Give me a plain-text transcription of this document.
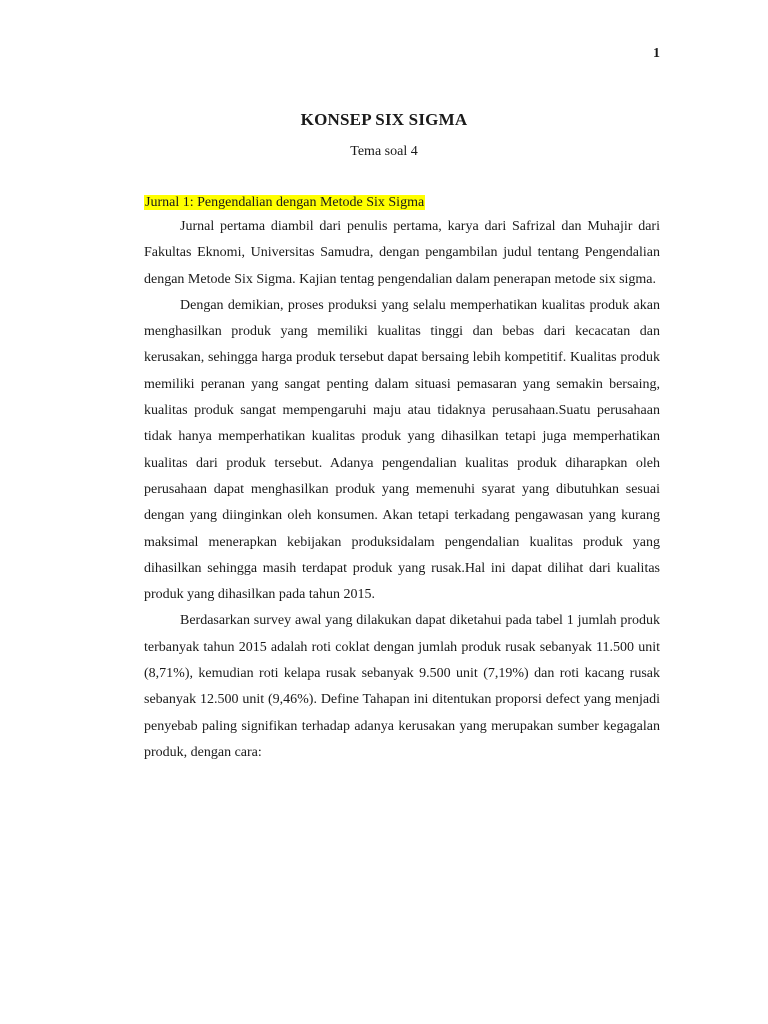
1
KONSEP SIX SIGMA
Tema soal 4

Jurnal 1: Pengendalian dengan Metode Six Sigma

Jurnal pertama diambil dari penulis pertama, karya dari Safrizal dan Muhajir dari Fakultas Eknomi, Universitas Samudra, dengan pengambilan judul tentang Pengendalian dengan Metode Six Sigma. Kajian tentag pengendalian dalam penerapan metode six sigma.

Dengan demikian, proses produksi yang selalu memperhatikan kualitas produk akan menghasilkan produk yang memiliki kualitas tinggi dan bebas dari kecacatan dan kerusakan, sehingga harga produk tersebut dapat bersaing lebih kompetitif. Kualitas produk memiliki peranan yang sangat penting dalam situasi pemasaran yang semakin bersaing, kualitas produk sangat mempengaruhi maju atau tidaknya perusahaan.Suatu perusahaan tidak hanya memperhatikan kualitas produk yang dihasilkan tetapi juga memperhatikan kualitas dari produk tersebut. Adanya pengendalian kualitas produk diharapkan oleh perusahaan dapat menghasilkan produk yang memenuhi syarat yang dibutuhkan sesuai dengan yang diinginkan oleh konsumen. Akan tetapi terkadang pengawasan yang kurang maksimal menerapkan kebijakan produksidalam pengendalian kualitas produk yang dihasilkan sehingga masih terdapat produk yang rusak.Hal ini dapat dilihat dari kualitas produk yang dihasilkan pada tahun 2015.

Berdasarkan survey awal yang dilakukan dapat diketahui pada tabel 1 jumlah produk terbanyak tahun 2015 adalah roti coklat dengan jumlah produk rusak sebanyak 11.500 unit (8,71%), kemudian roti kelapa rusak sebanyak 9.500 unit (7,19%) dan roti kacang rusak sebanyak 12.500 unit (9,46%). Define Tahapan ini ditentukan proporsi defect yang menjadi penyebab paling signifikan terhadap adanya kerusakan yang merupakan sumber kegagalan produk, dengan cara:
